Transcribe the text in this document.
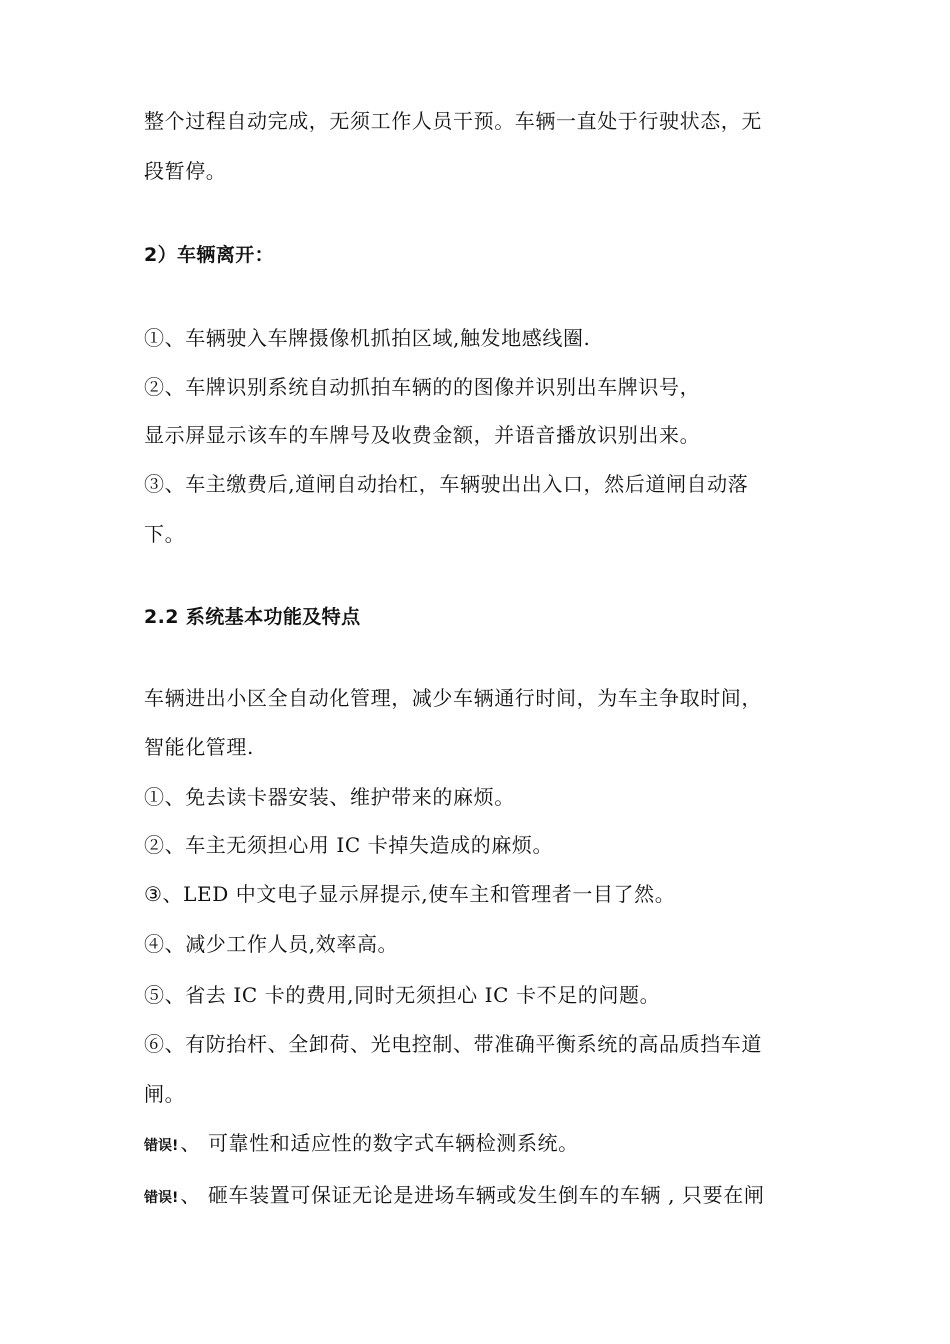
整个过程自动完成，无须工作人员干预。车辆一直处于行驶状态，无
段暂停。
2）车辆离开：
①、车辆驶入车牌摄像机抓拍区域,触发地感线圈.
②、车牌识别系统自动抓拍车辆的的图像并识别出车牌识号，
显示屏显示该车的车牌号及收费金额，并语音播放识别出来。
③、车主缴费后,道闸自动抬杠，车辆驶出出入口，然后道闸自动落
下。
2.2 系统基本功能及特点
车辆进出小区全自动化管理，减少车辆通行时间，为车主争取时间，
智能化管理.
①、免去读卡器安装、维护带来的麻烦。
②、车主无须担心用 IC 卡掉失造成的麻烦。
③、LED 中文电子显示屏提示,使车主和管理者一目了然。
④、减少工作人员,效率高。
⑤、省去 IC 卡的费用,同时无须担心 IC 卡不足的问题。
⑥、有防抬杆、全卸荷、光电控制、带准确平衡系统的高品质挡车道
闸。
错误! 、 可靠性和适应性的数字式车辆检测系统。
错误! 、 砸车装置可保证无论是进场车辆或发生倒车的车辆 , 只要在闸
